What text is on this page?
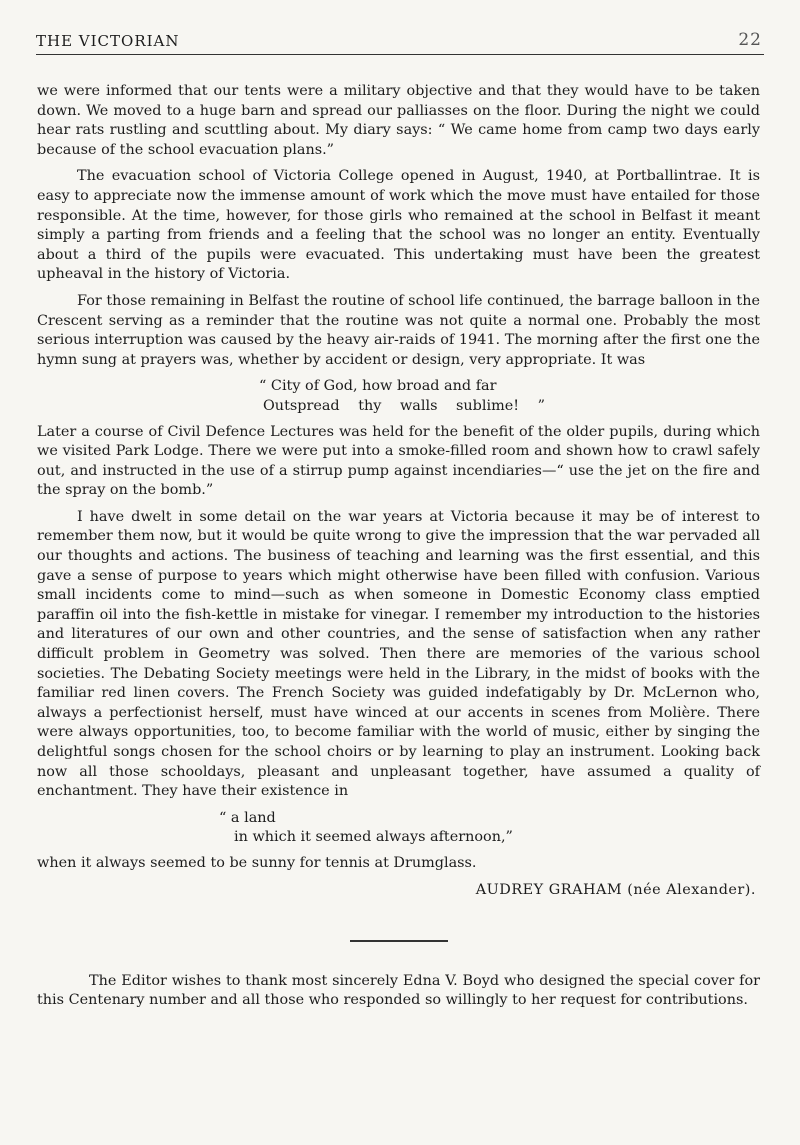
THE VICTORIAN	22

we were informed that our tents were a military objective and that they would have to be taken down. We moved to a huge barn and spread our palliasses on the floor. During the night we could hear rats rustling and scuttling about. My diary says: “ We came home from camp two days early because of the school evacuation plans.”

The evacuation school of Victoria College opened in August, 1940, at Portballintrae. It is easy to appreciate now the immense amount of work which the move must have entailed for those responsible. At the time, however, for those girls who remained at the school in Belfast it meant simply a parting from friends and a feeling that the school was no longer an entity. Eventually about a third of the pupils were evacuated. This undertaking must have been the greatest upheaval in the history of Victoria.

For those remaining in Belfast the routine of school life continued, the barrage balloon in the Crescent serving as a reminder that the routine was not quite a normal one. Probably the most serious interruption was caused by the heavy air-raids of 1941. The morning after the first one the hymn sung at prayers was, whether by accident or design, very appropriate. It was

“ City of God, how broad and far
Outspread thy walls sublime! ”

Later a course of Civil Defence Lectures was held for the benefit of the older pupils, during which we visited Park Lodge. There we were put into a smoke-filled room and shown how to crawl safely out, and instructed in the use of a stirrup pump against incendiaries—“ use the jet on the fire and the spray on the bomb.”

I have dwelt in some detail on the war years at Victoria because it may be of interest to remember them now, but it would be quite wrong to give the impression that the war pervaded all our thoughts and actions. The business of teaching and learning was the first essential, and this gave a sense of purpose to years which might otherwise have been filled with confusion. Various small incidents come to mind—such as when someone in Domestic Economy class emptied paraffin oil into the fish-kettle in mistake for vinegar. I remember my introduction to the histories and literatures of our own and other countries, and the sense of satisfaction when any rather difficult problem in Geometry was solved. Then there are memories of the various school societies. The Debating Society meetings were held in the Library, in the midst of books with the familiar red linen covers. The French Society was guided indefatigably by Dr. McLernon who, always a perfectionist herself, must have winced at our accents in scenes from Molière. There were always opportunities, too, to become familiar with the world of music, either by singing the delightful songs chosen for the school choirs or by learning to play an instrument. Looking back now all those schooldays, pleasant and unpleasant together, have assumed a quality of enchantment. They have their existence in

“ a land
in which it seemed always afternoon,”

when it always seemed to be sunny for tennis at Drumglass.

AUDREY GRAHAM (née Alexander).

The Editor wishes to thank most sincerely Edna V. Boyd who designed the special cover for this Centenary number and all those who responded so willingly to her request for contributions.
